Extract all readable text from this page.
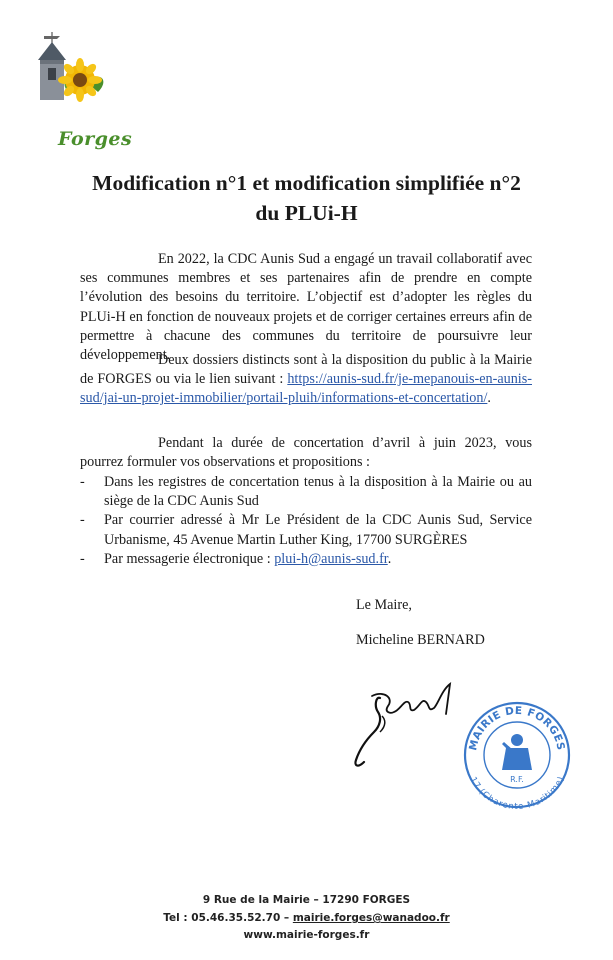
Forges
Modification n°1 et modification simplifiée n°2
du PLUi-H

En 2022, la CDC Aunis Sud a engagé un travail collaboratif avec ses communes membres et ses partenaires afin de prendre en compte l’évolution des besoins du territoire. L’objectif est d’adopter les règles du PLUi-H en fonction de nouveaux projets et de corriger certaines erreurs afin de permettre à chacune des communes du territoire de poursuivre leur développement.

Deux dossiers distincts sont à la disposition du public à la Mairie de FORGES ou via le lien suivant : https://aunis-sud.fr/je-mepanouis-en-aunis-sud/jai-un-projet-immobilier/portail-pluih/informations-et-concertation/.

Pendant la durée de concertation d’avril à juin 2023, vous pourrez formuler vos observations et propositions :

- Dans les registres de concertation tenus à la disposition à la Mairie ou au siège de la CDC Aunis Sud
- Par courrier adressé à Mr Le Président de la CDC Aunis Sud, Service Urbanisme, 45 Avenue Martin Luther King, 17700 SURGÈRES
- Par messagerie électronique : plui-h@aunis-sud.fr.
Le Maire,
Micheline BERNARD
MAIRIE DE FORGES
17 (Charente-Maritime)
R.F.
9 Rue de la Mairie – 17290 FORGES
Tel : 05.46.35.52.70 – mairie.forges@wanadoo.fr
www.mairie-forges.fr
